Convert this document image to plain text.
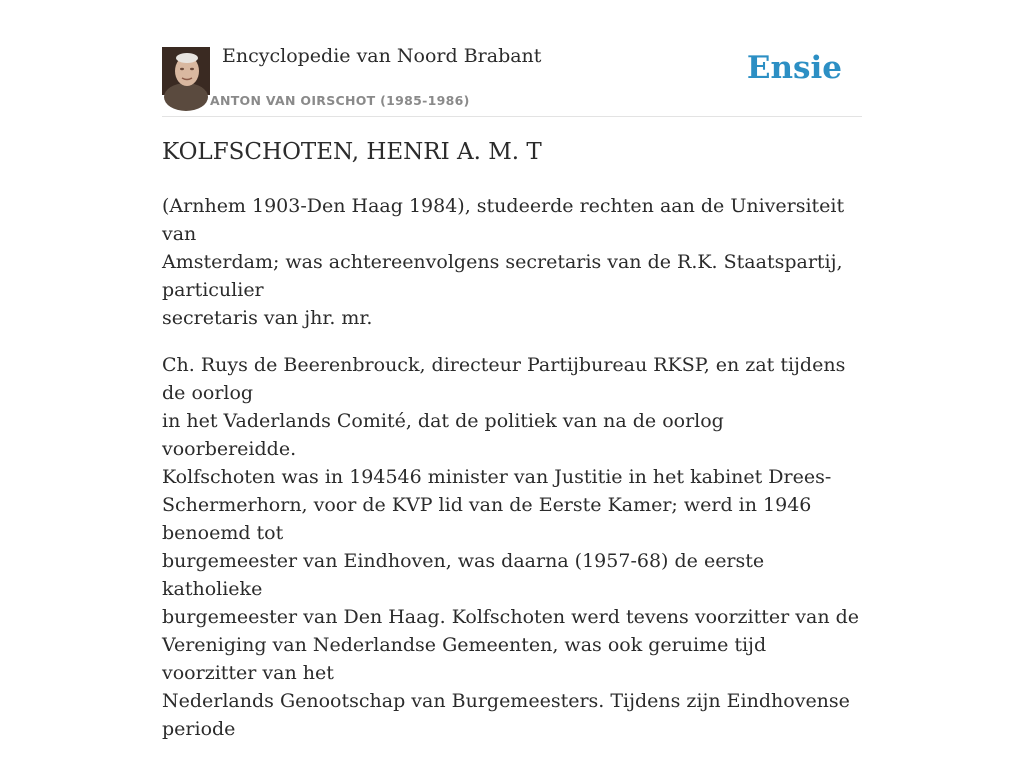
Encyclopedie van Noord Brabant
ANTON VAN OIRSCHOT (1985-1986)
Ensie
KOLFSCHOTEN, HENRI A. M. T

(Arnhem 1903-Den Haag 1984), studeerde rechten aan de Universiteit van
Amsterdam; was achtereenvolgens secretaris van de R.K. Staatspartij, particulier
secretaris van jhr. mr.

Ch. Ruys de Beerenbrouck, directeur Partijbureau RKSP, en zat tijdens de oorlog
in het Vaderlands Comité, dat de politiek van na de oorlog voorbereidde.
Kolfschoten was in 194546 minister van Justitie in het kabinet Drees-
Schermerhorn, voor de KVP lid van de Eerste Kamer; werd in 1946 benoemd tot
burgemeester van Eindhoven, was daarna (1957-68) de eerste katholieke
burgemeester van Den Haag. Kolfschoten werd tevens voorzitter van de
Vereniging van Nederlandse Gemeenten, was ook geruime tijd voorzitter van het
Nederlands Genootschap van Burgemeesters. Tijdens zijn Eindhovense periode
